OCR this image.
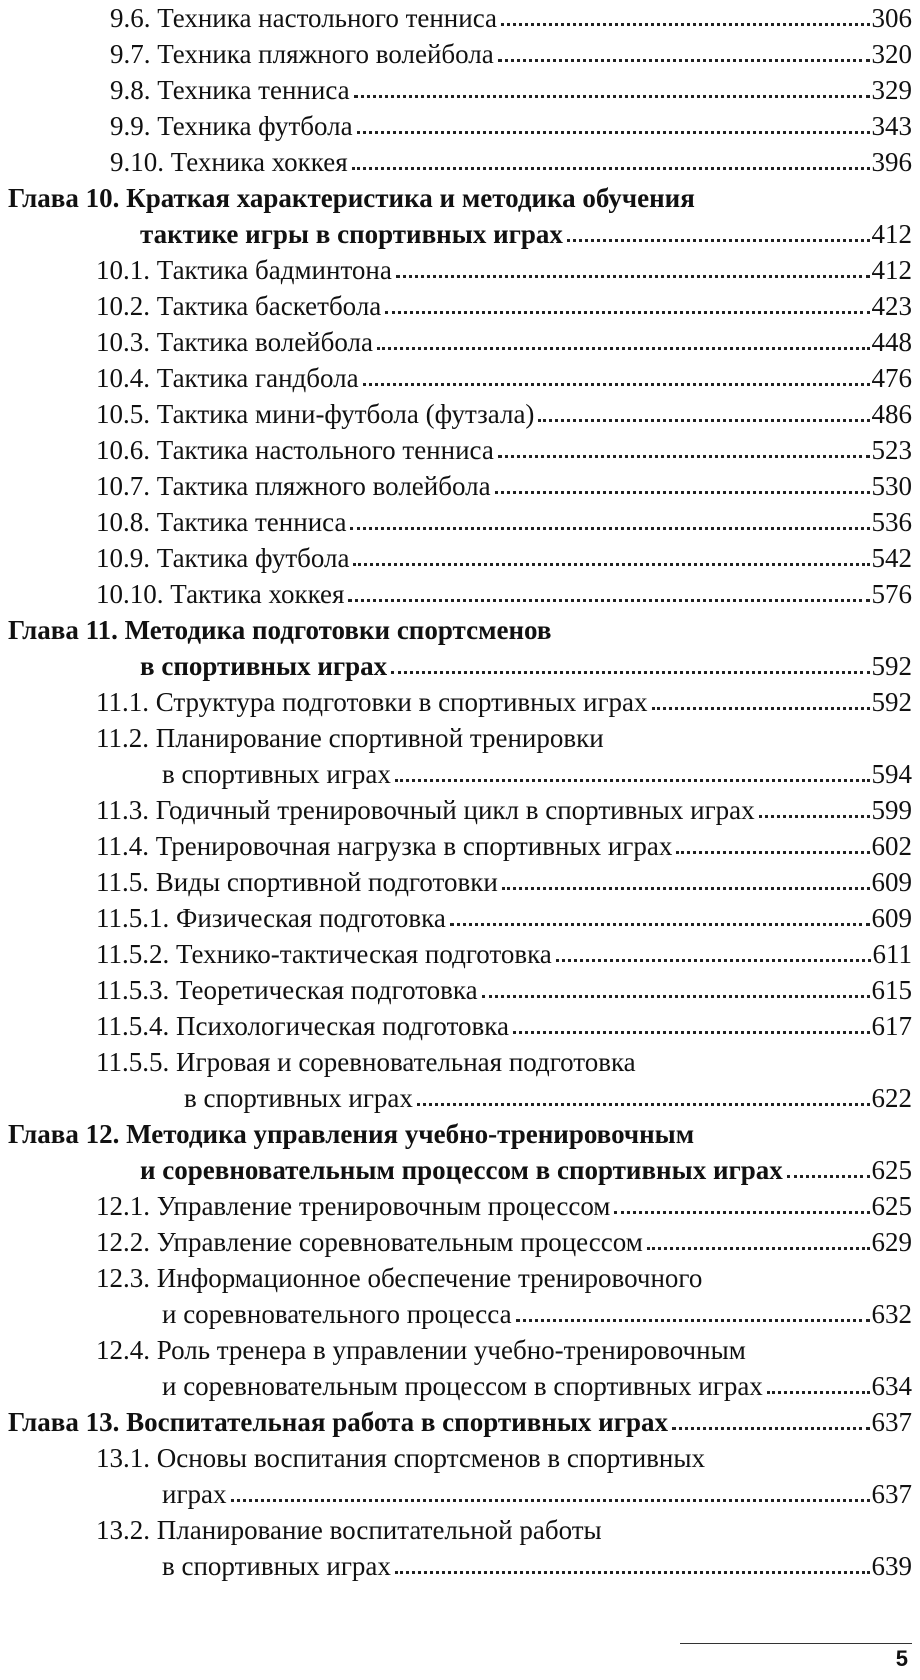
9.6. Техника настольного тенниса	306
9.7. Техника пляжного волейбола	320
9.8. Техника тенниса	329
9.9. Техника футбола	343
9.10. Техника хоккея	396
Глава 10. Краткая характеристика и методика обучения
тактике игры в спортивных играх	412
10.1. Тактика бадминтона	412
10.2. Тактика баскетбола	423
10.3. Тактика волейбола	448
10.4. Тактика гандбола	476
10.5. Тактика мини-футбола (футзала)	486
10.6. Тактика настольного тенниса	523
10.7. Тактика пляжного волейбола	530
10.8. Тактика тенниса	536
10.9. Тактика футбола	542
10.10. Тактика хоккея	576
Глава 11. Методика подготовки спортсменов
в спортивных играх	592
11.1. Структура подготовки в спортивных играх	592
11.2. Планирование спортивной тренировки
в спортивных играх	594
11.3. Годичный тренировочный цикл в спортивных играх	599
11.4. Тренировочная нагрузка в спортивных играх	602
11.5. Виды спортивной подготовки	609
11.5.1. Физическая подготовка	609
11.5.2. Технико-тактическая подготовка	611
11.5.3. Теоретическая подготовка	615
11.5.4. Психологическая подготовка	617
11.5.5. Игровая и соревновательная подготовка
в спортивных играх	622
Глава 12. Методика управления учебно-тренировочным
и соревновательным процессом в спортивных играх	625
12.1. Управление тренировочным процессом	625
12.2. Управление соревновательным процессом	629
12.3. Информационное обеспечение тренировочного
и соревновательного процесса	632
12.4. Роль тренера в управлении учебно-тренировочным
и соревновательным процессом в спортивных играх	634
Глава 13. Воспитательная работа в спортивных играх	637
13.1. Основы воспитания спортсменов в спортивных
играх	637
13.2. Планирование воспитательной работы
в спортивных играх	639
5
